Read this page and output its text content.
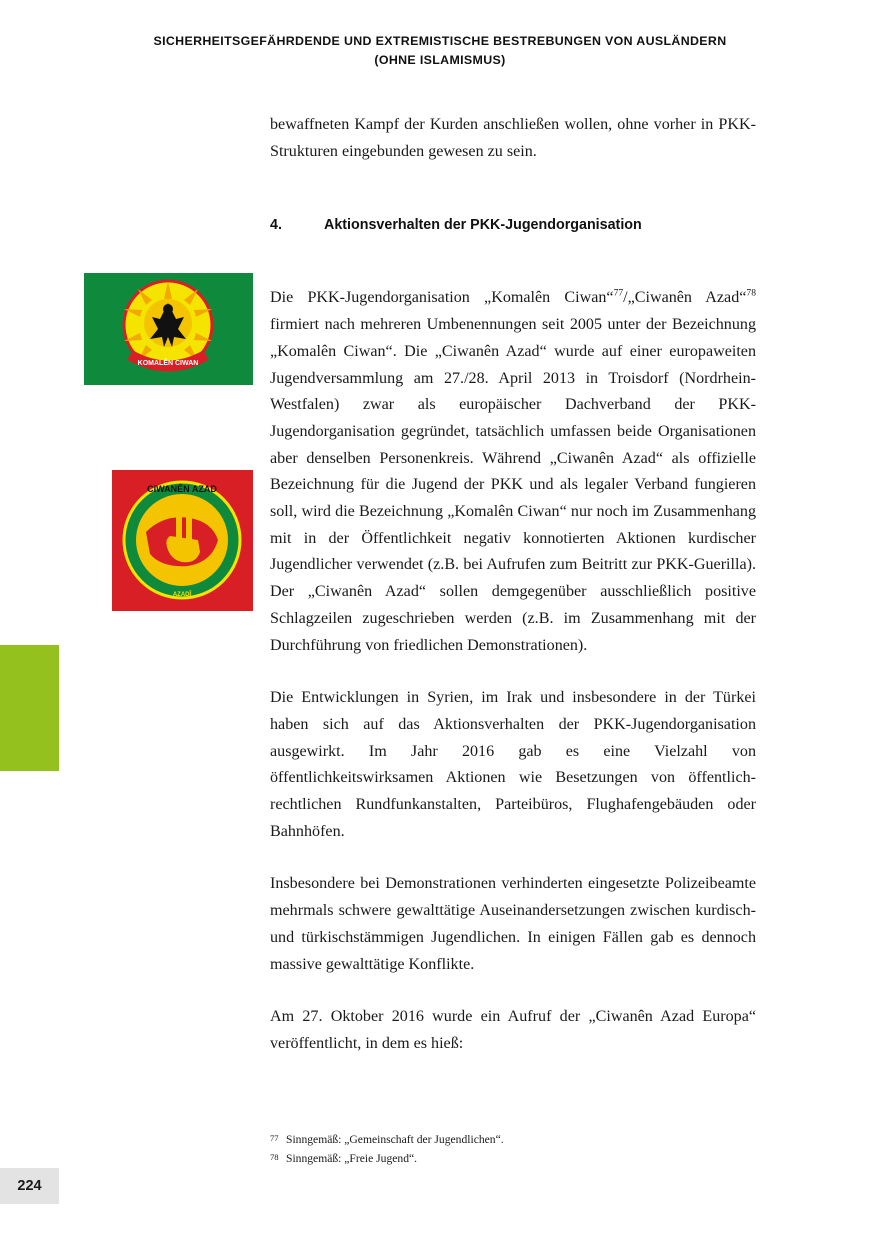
SICHERHEITSGEFÄHRDENDE UND EXTREMISTISCHE BESTREBUNGEN VON AUSLÄNDERN
(OHNE ISLAMISMUS)
224
KOMALÊN CIWAN
CIWANÊN AZAD
AZADÎ

bewaffneten Kampf der Kurden anschließen wollen, ohne vorher in PKK-Strukturen eingebunden gewesen zu sein.

4.	Aktionsverhalten der PKK-Jugendorganisation

Die PKK-Jugendorganisation „Komalên Ciwan“$^{77}$/„Ciwanên Azad“$^{78}$ firmiert nach mehreren Umbenennungen seit 2005 unter der Bezeichnung „Komalên Ciwan“. Die „Ciwanên Azad“ wurde auf einer europaweiten Jugendversammlung am 27./28. April 2013 in Troisdorf (Nordrhein-Westfalen) zwar als europäischer Dachverband der PKK-Jugendorganisation gegründet, tatsächlich umfassen beide Organisationen aber denselben Personenkreis. Während „Ciwanên Azad“ als offizielle Bezeichnung für die Jugend der PKK und als legaler Verband fungieren soll, wird die Bezeichnung „Komalên Ciwan“ nur noch im Zusammenhang mit in der Öffentlichkeit negativ konnotierten Aktionen kurdischer Jugendlicher verwendet (z.B. bei Aufrufen zum Beitritt zur PKK-Guerilla). Der „Ciwanên Azad“ sollen demgegenüber ausschließlich positive Schlagzeilen zugeschrieben werden (z.B. im Zusammenhang mit der Durchführung von friedlichen Demonstrationen).

Die Entwicklungen in Syrien, im Irak und insbesondere in der Türkei haben sich auf das Aktionsverhalten der PKK-Jugendorganisation ausgewirkt. Im Jahr 2016 gab es eine Vielzahl von öffentlichkeitswirksamen Aktionen wie Besetzungen von öffentlich-rechtlichen Rundfunkanstalten, Parteibüros, Flughafengebäuden oder Bahnhöfen.

Insbesondere bei Demonstrationen verhinderten eingesetzte Polizeibeamte mehrmals schwere gewalttätige Auseinandersetzungen zwischen kurdisch- und türkischstämmigen Jugendlichen. In einigen Fällen gab es dennoch massive gewalttätige Konflikte.

Am 27. Oktober 2016 wurde ein Aufruf der „Ciwanên Azad Europa“ veröffentlicht, in dem es hieß:

77 Sinngemäß: „Gemeinschaft der Jugendlichen“.
78 Sinngemäß: „Freie Jugend“.
